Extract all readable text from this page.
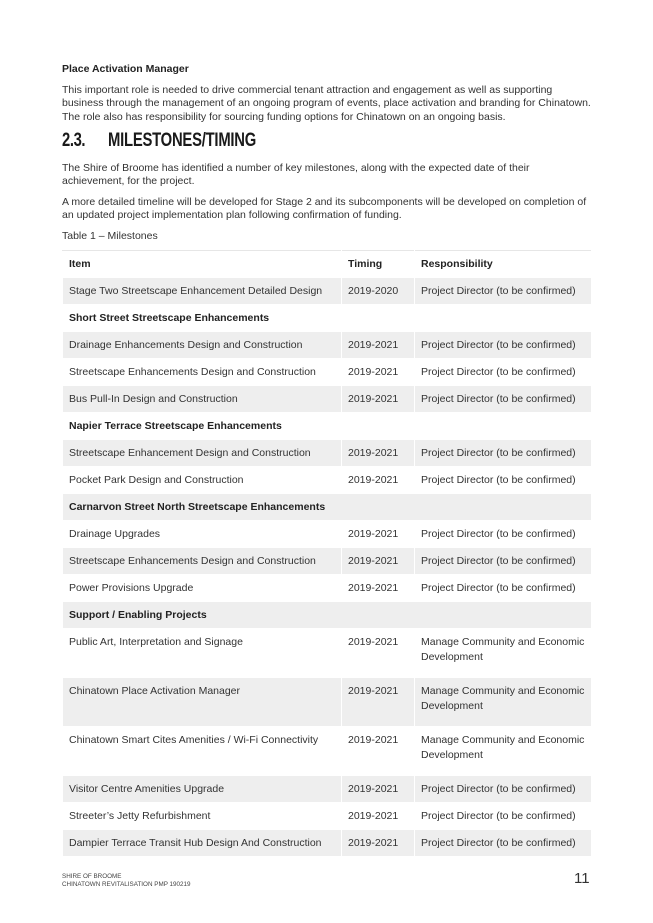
Place Activation Manager

This important role is needed to drive commercial tenant attraction and engagement as well as supporting business through the management of an ongoing program of events, place activation and branding for Chinatown. The role also has responsibility for sourcing funding options for Chinatown on an ongoing basis.

2.3.	MILESTONES/TIMING

The Shire of Broome has identified a number of key milestones, along with the expected date of their achievement, for the project.

A more detailed timeline will be developed for Stage 2 and its subcomponents will be developed on completion of an updated project implementation plan following confirmation of funding.

Table 1 – Milestones
Item	Timing	Responsibility
Stage Two Streetscape Enhancement Detailed Design	2019-2020	Project Director (to be confirmed)
Short Street Streetscape Enhancements		
Drainage Enhancements Design and Construction	2019-2021	Project Director (to be confirmed)
Streetscape Enhancements Design and Construction	2019-2021	Project Director (to be confirmed)
Bus Pull-In Design and Construction	2019-2021	Project Director (to be confirmed)
Napier Terrace Streetscape Enhancements		
Streetscape Enhancement Design and Construction	2019-2021	Project Director (to be confirmed)
Pocket Park Design and Construction	2019-2021	Project Director (to be confirmed)
Carnarvon Street North Streetscape Enhancements		
Drainage Upgrades	2019-2021	Project Director (to be confirmed)
Streetscape Enhancements Design and Construction	2019-2021	Project Director (to be confirmed)
Power Provisions Upgrade	2019-2021	Project Director (to be confirmed)
Support / Enabling Projects		
Public Art, Interpretation and Signage	2019-2021	Manage Community and Economic Development
Chinatown Place Activation Manager	2019-2021	Manage Community and Economic Development
Chinatown Smart Cites Amenities / Wi-Fi Connectivity	2019-2021	Manage Community and Economic Development
Visitor Centre Amenities Upgrade	2019-2021	Project Director (to be confirmed)
Streeter’s Jetty Refurbishment	2019-2021	Project Director (to be confirmed)
Dampier Terrace Transit Hub Design And Construction	2019-2021	Project Director (to be confirmed)
SHIRE OF BROOME
CHINATOWN REVITALISATION PMP 190219	11
